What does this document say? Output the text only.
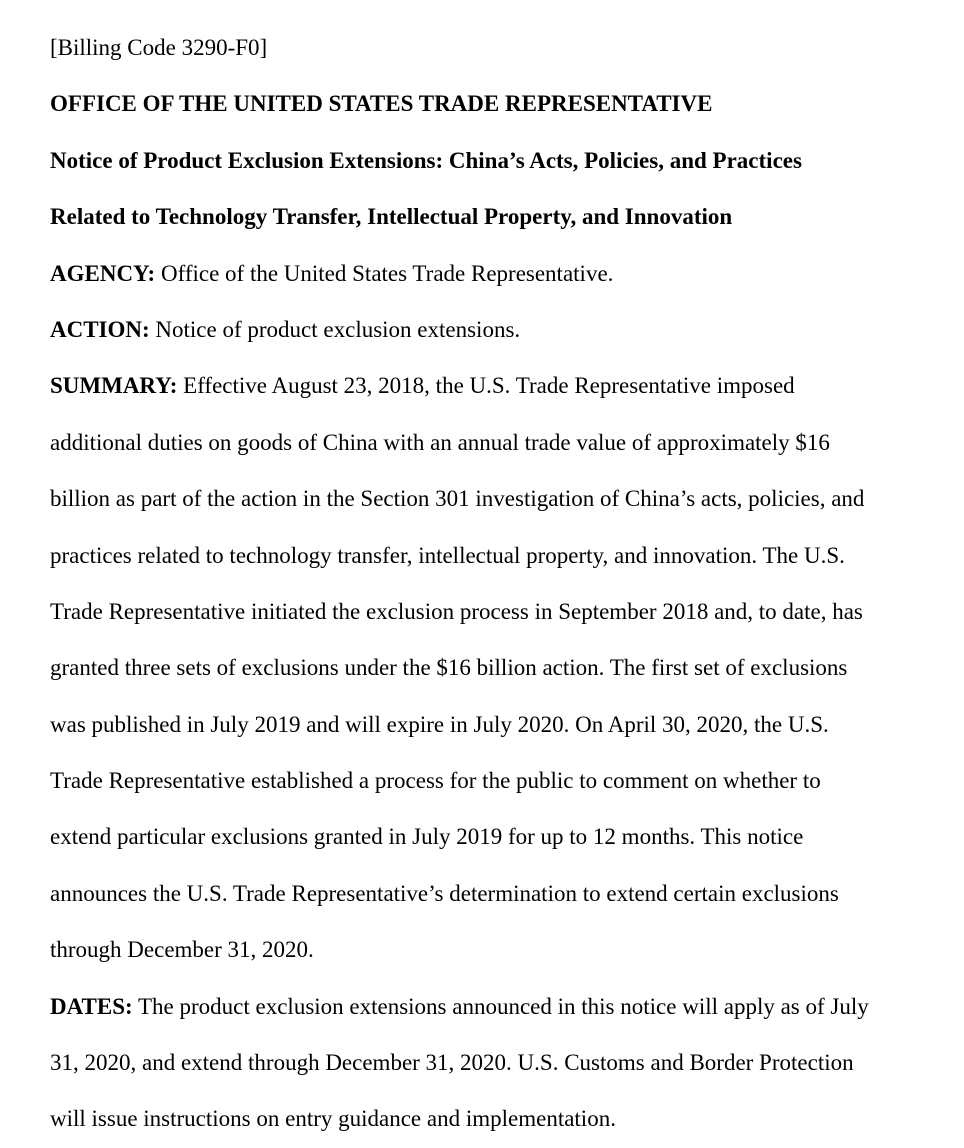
[Billing Code 3290-F0]
OFFICE OF THE UNITED STATES TRADE REPRESENTATIVE
Notice of Product Exclusion Extensions: China’s Acts, Policies, and Practices
Related to Technology Transfer, Intellectual Property, and Innovation
AGENCY: Office of the United States Trade Representative.
ACTION: Notice of product exclusion extensions.
SUMMARY: Effective August 23, 2018, the U.S. Trade Representative imposed
additional duties on goods of China with an annual trade value of approximately $16
billion as part of the action in the Section 301 investigation of China’s acts, policies, and
practices related to technology transfer, intellectual property, and innovation. The U.S.
Trade Representative initiated the exclusion process in September 2018 and, to date, has
granted three sets of exclusions under the $16 billion action. The first set of exclusions
was published in July 2019 and will expire in July 2020. On April 30, 2020, the U.S.
Trade Representative established a process for the public to comment on whether to
extend particular exclusions granted in July 2019 for up to 12 months. This notice
announces the U.S. Trade Representative’s determination to extend certain exclusions
through December 31, 2020.
DATES: The product exclusion extensions announced in this notice will apply as of July
31, 2020, and extend through December 31, 2020. U.S. Customs and Border Protection
will issue instructions on entry guidance and implementation.
